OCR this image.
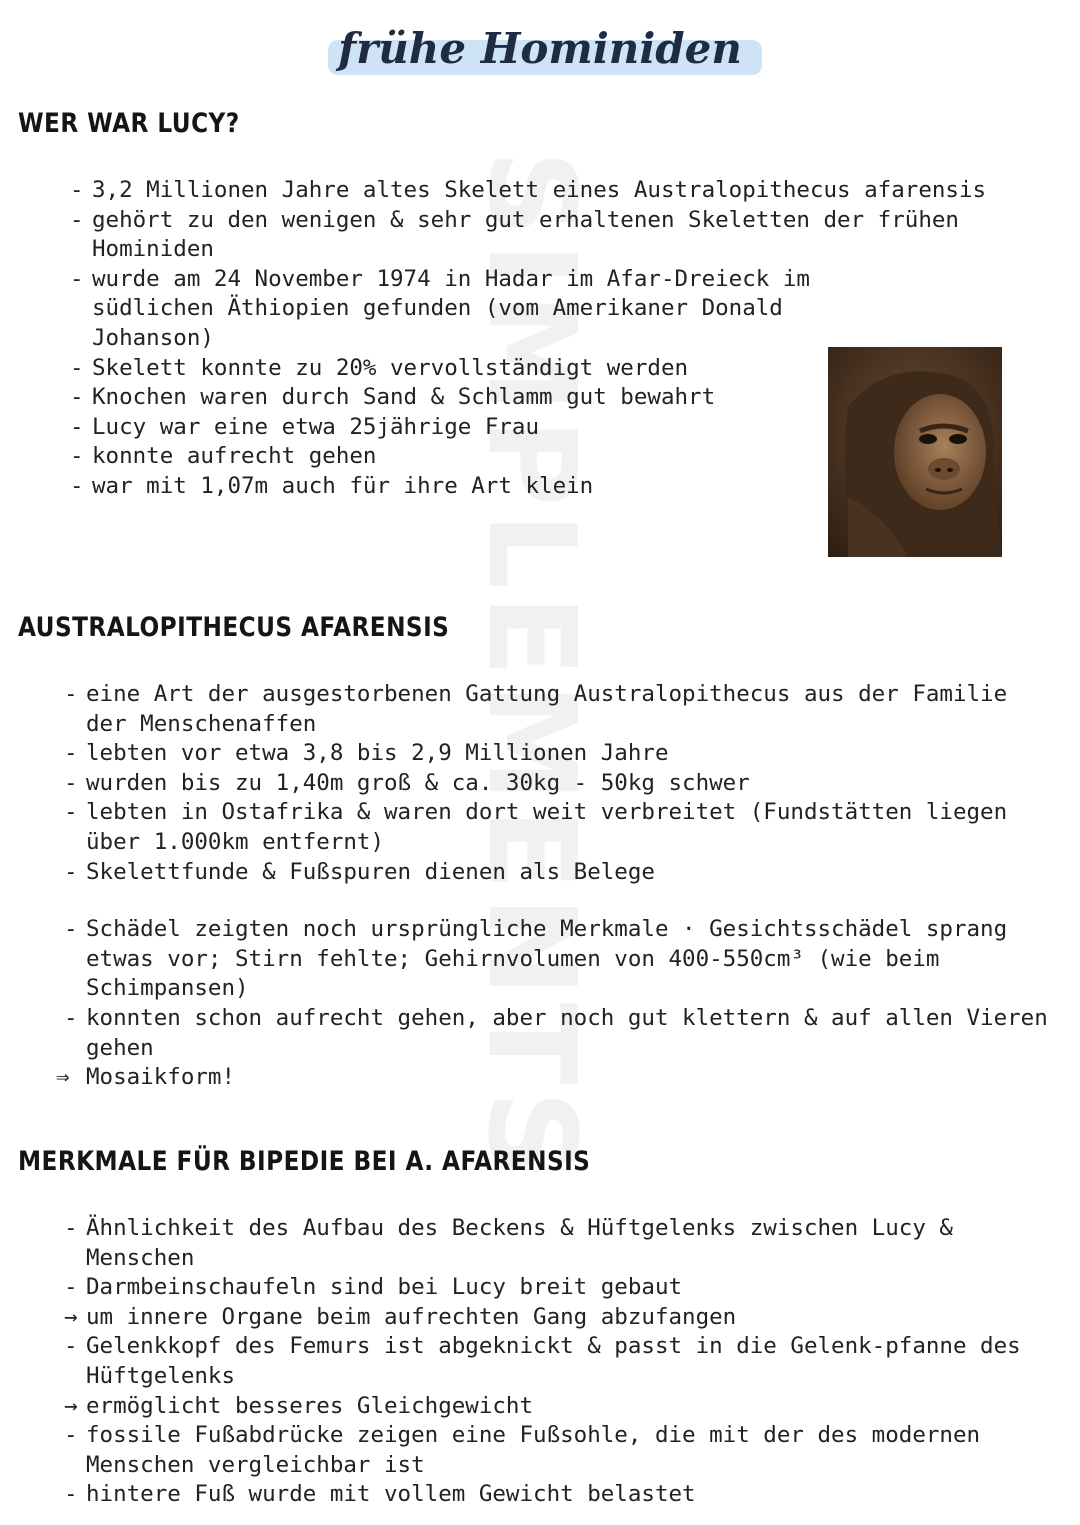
SIMPLEMENTS
frühe Hominiden
WER WAR LUCY?
- 3,2 Millionen Jahre altes Skelett eines Australopithecus afarensis
- gehört zu den wenigen & sehr gut erhaltenen Skeletten der frühen Hominiden
- wurde am 24 November 1974 in Hadar im Afar-Dreieck im südlichen Äthiopien gefunden (vom Amerikaner Donald Johanson)
- Skelett konnte zu 20% vervollständigt werden
- Knochen waren durch Sand & Schlamm gut bewahrt
- Lucy war eine etwa 25jährige Frau
- konnte aufrecht gehen
- war mit 1,07m auch für ihre Art klein
AUSTRALOPITHECUS AFARENSIS
- eine Art der ausgestorbenen Gattung Australopithecus aus der Familie der Menschenaffen
- lebten vor etwa 3,8 bis 2,9 Millionen Jahre
- wurden bis zu 1,40m groß & ca. 30kg - 50kg schwer
- lebten in Ostafrika & waren dort weit verbreitet (Fundstätten liegen über 1.000km entfernt)
- Skelettfunde & Fußspuren dienen als Belege
- Schädel zeigten noch ursprüngliche Merkmale · Gesichtsschädel sprang etwas vor; Stirn fehlte; Gehirnvolumen von 400-550cm³ (wie beim Schimpansen)
- konnten schon aufrecht gehen, aber noch gut klettern & auf allen Vieren gehen
⇒ Mosaikform!
MERKMALE FÜR BIPEDIE BEI A. AFARENSIS
- Ähnlichkeit des Aufbau des Beckens & Hüftgelenks zwischen Lucy & Menschen
- Darmbeinschaufeln sind bei Lucy breit gebaut
→ um innere Organe beim aufrechten Gang abzufangen
- Gelenkkopf des Femurs ist abgeknickt & passt in die Gelenk-pfanne des Hüftgelenks
→ ermöglicht besseres Gleichgewicht
- fossile Fußabdrücke zeigen eine Fußsohle, die mit der des modernen Menschen vergleichbar ist
- hintere Fuß wurde mit vollem Gewicht belastet
